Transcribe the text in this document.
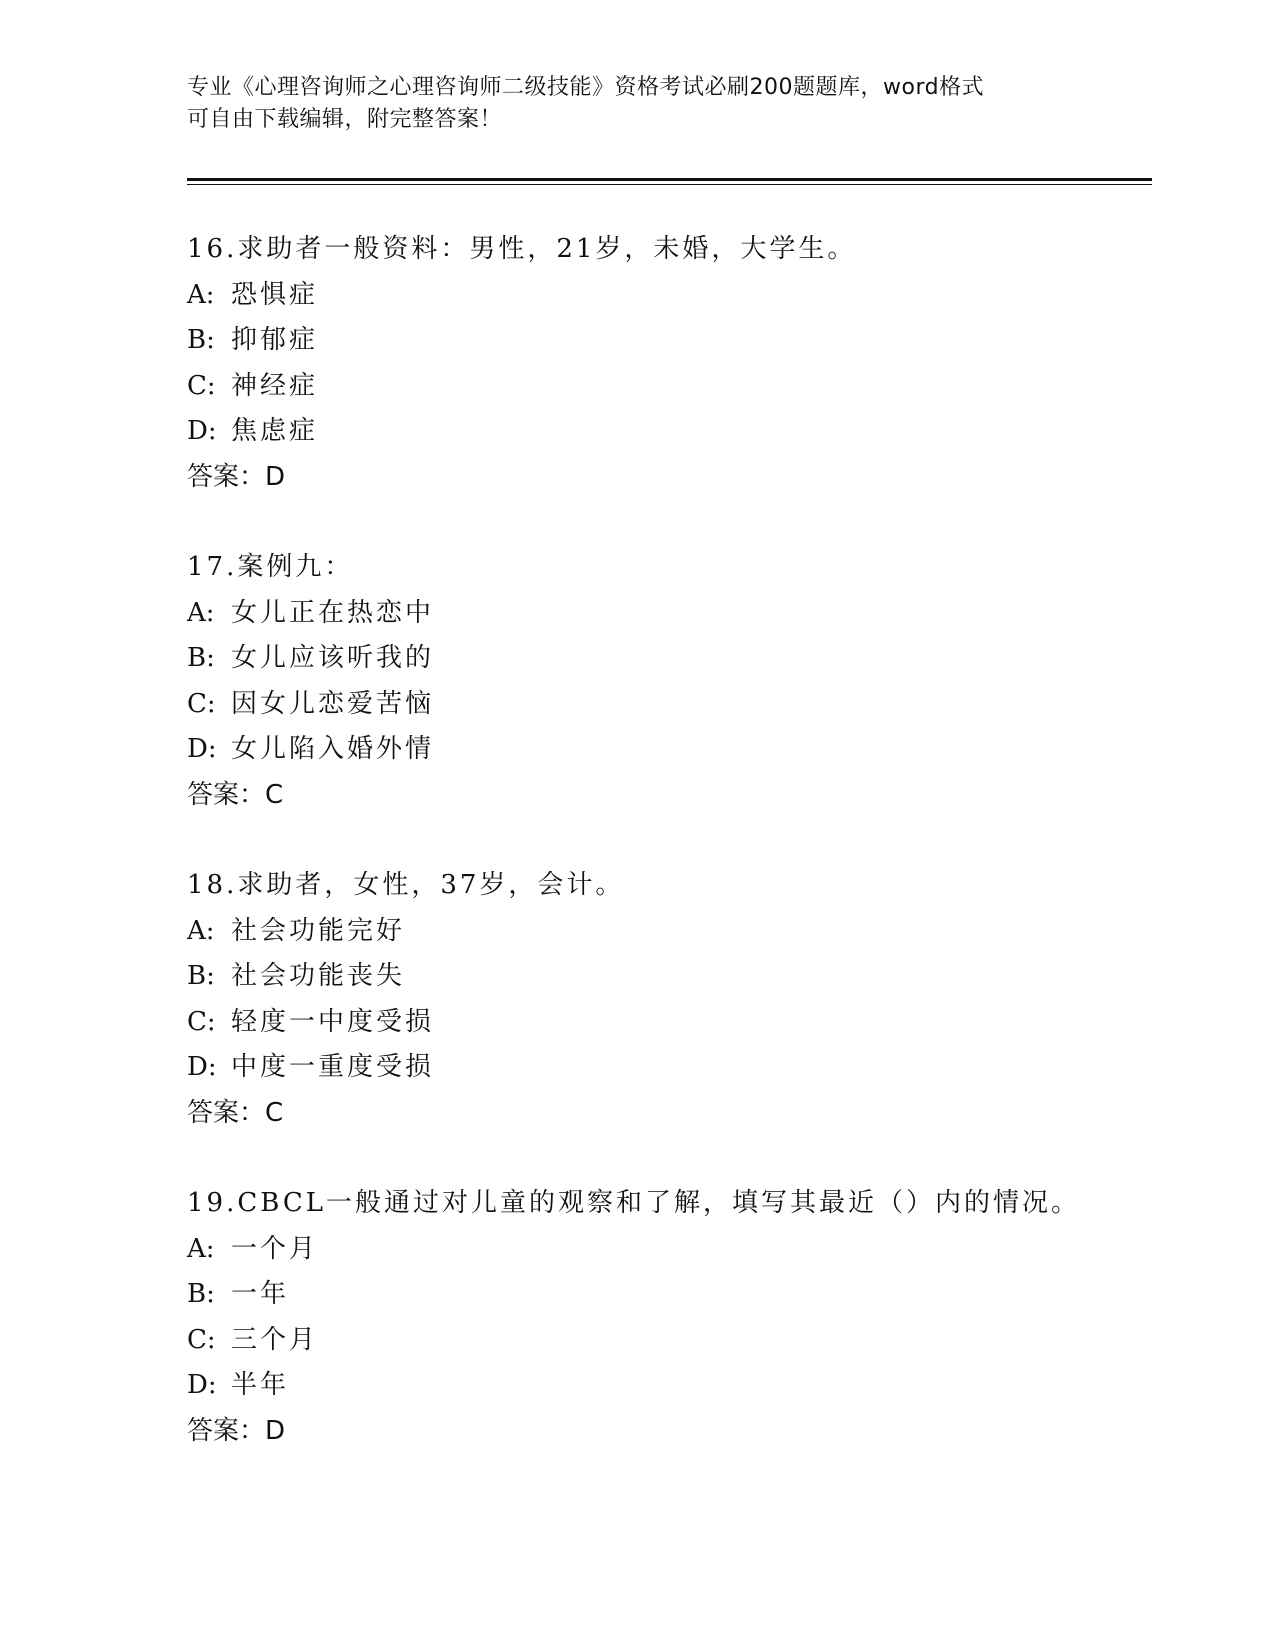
专业《心理咨询师之心理咨询师二级技能》资格考试必刷200题题库，word格式
可自由下载编辑，附完整答案！
16.求助者一般资料：男性，21岁，未婚，大学生。
A: 恐惧症
B: 抑郁症
C: 神经症
D: 焦虑症
答案：D
17.案例九：
A: 女儿正在热恋中
B: 女儿应该听我的
C: 因女儿恋爱苦恼
D: 女儿陷入婚外情
答案：C
18.求助者，女性，37岁，会计。
A: 社会功能完好
B: 社会功能丧失
C: 轻度一中度受损
D: 中度一重度受损
答案：C
19.CBCL一般通过对儿童的观察和了解，填写其最近（）内的情况。
A: 一个月
B: 一年
C: 三个月
D: 半年
答案：D
